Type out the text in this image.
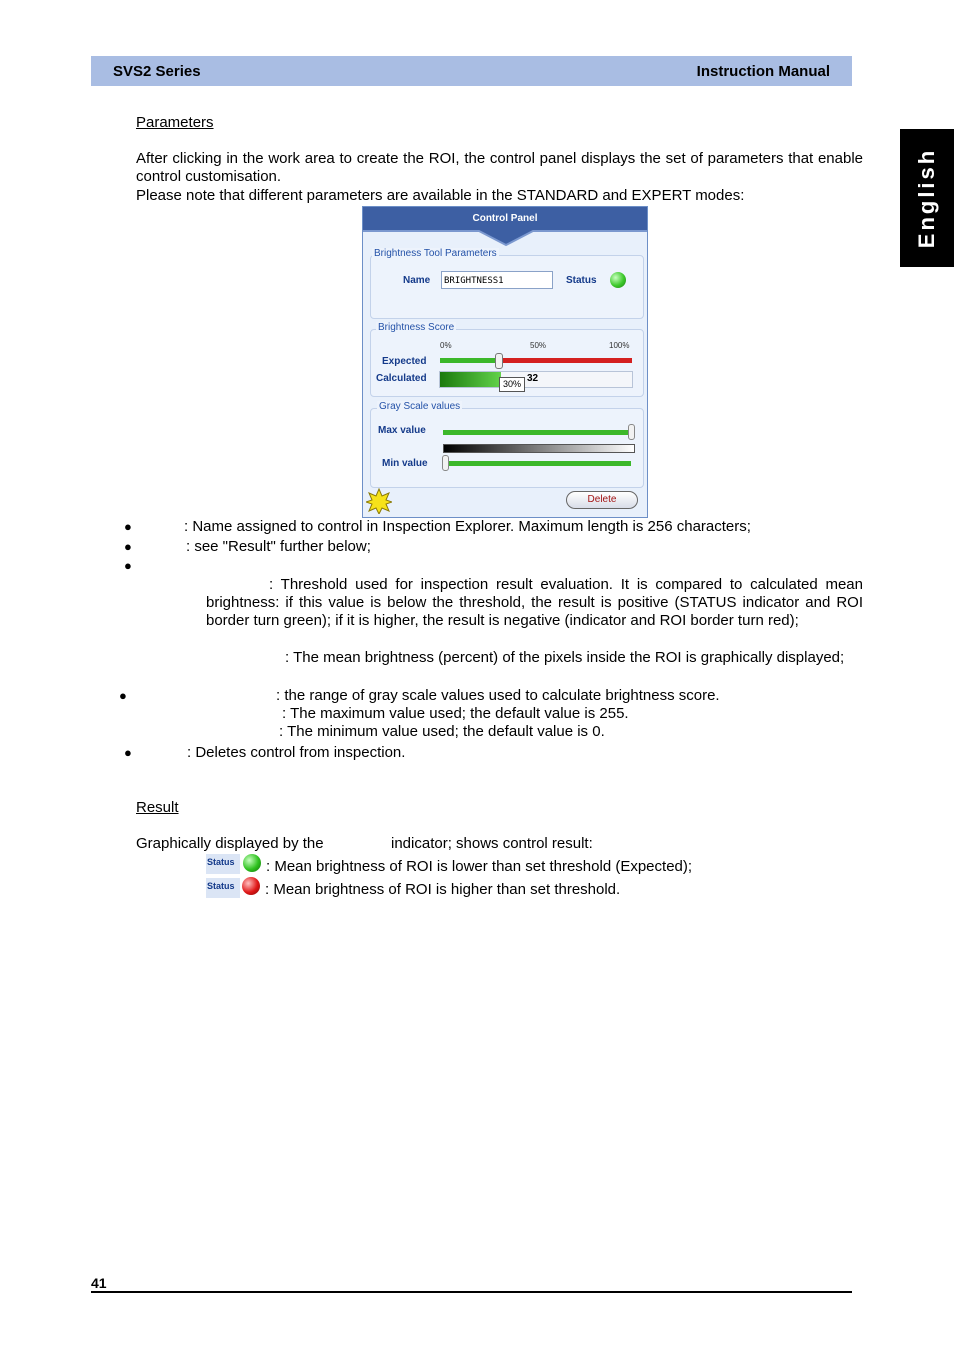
SVS2 Series	Instruction Manual
English
Parameters
After clicking in the work area to create the ROI, the control panel displays the set of parameters that enable control customisation.
Please note that different parameters are available in the STANDARD and EXPERT modes:
Control Panel
Brightness Tool Parameters
Name	BRIGHTNESS1	Status
Brightness Score
0%	50%	100%
Expected
Calculated	32
30%
Gray Scale values
Max value
Min value
Delete
●	: Name assigned to control in Inspection Explorer. Maximum length is 256 characters;
●	: see "Result" further below;
●
: Threshold used for inspection result evaluation. It is compared to calculated mean brightness: if this value is below the threshold, the result is positive (STATUS indicator and ROI border turn green); if it is higher, the result is negative (indicator and ROI border turn red);
: The mean brightness (percent) of the pixels inside the ROI is graphically displayed;
●	: the range of gray scale values used to calculate brightness score.
: The maximum value used; the default value is 255.
: The minimum value used; the default value is 0.
●	: Deletes control from inspection.
Result
Graphically displayed by the	indicator; shows control result:
Status : Mean brightness of ROI is lower than set threshold (Expected);
Status : Mean brightness of ROI is higher than set threshold.
41
